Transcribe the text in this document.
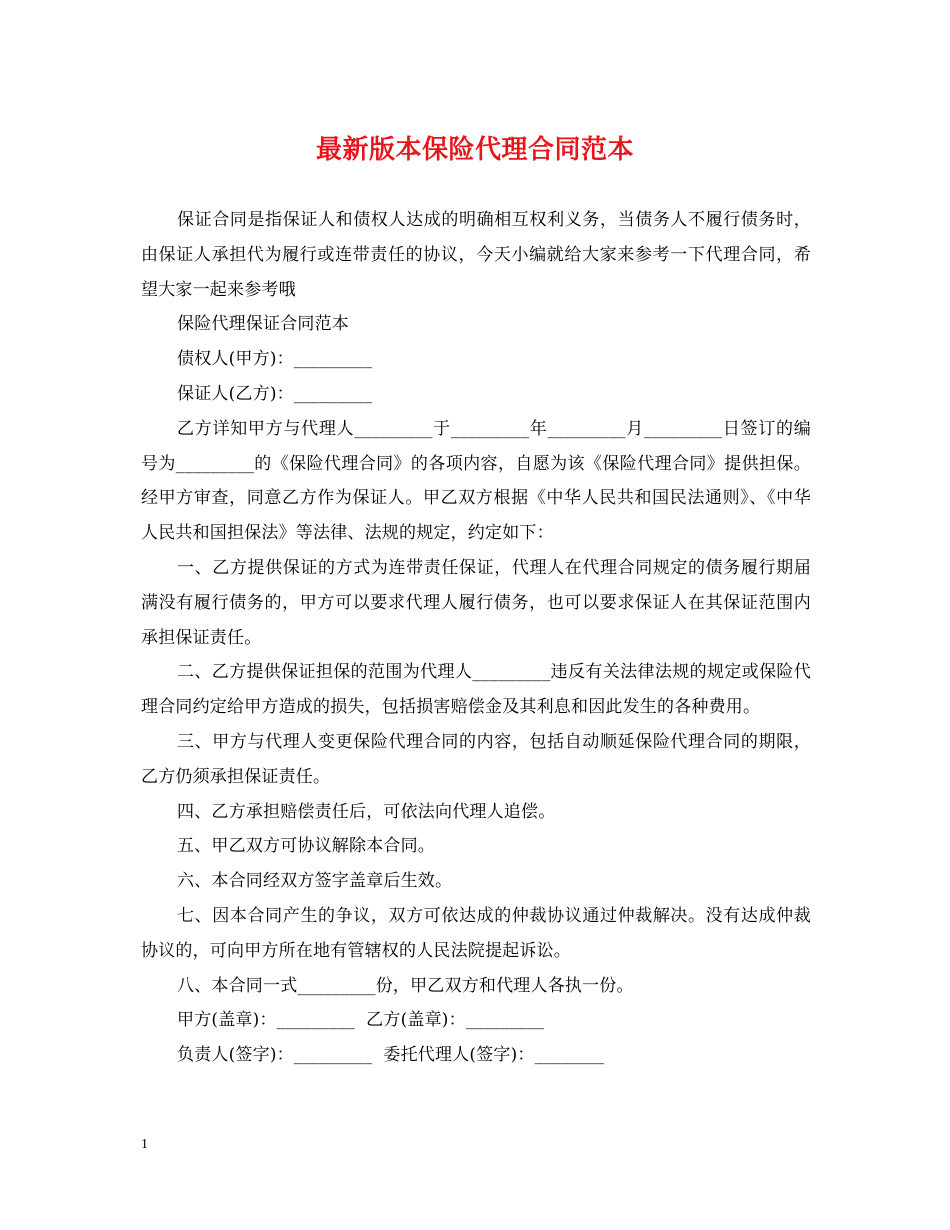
最新版本保险代理合同范本

保证合同是指保证人和债权人达成的明确相互权利义务，当债务人不履行债务时，由保证人承担代为履行或连带责任的协议，今天小编就给大家来参考一下代理合同，希望大家一起来参考哦

保险代理保证合同范本

债权人(甲方)：_________

保证人(乙方)：_________

乙方详知甲方与代理人_________于_________年_________月_________日签订的编号为_________的《保险代理合同》的各项内容，自愿为该《保险代理合同》提供担保。经甲方审查，同意乙方作为保证人。甲乙双方根据《中华人民共和国民法通则》、《中华人民共和国担保法》等法律、法规的规定，约定如下：

一、乙方提供保证的方式为连带责任保证，代理人在代理合同规定的债务履行期届满没有履行债务的，甲方可以要求代理人履行债务，也可以要求保证人在其保证范围内承担保证责任。

二、乙方提供保证担保的范围为代理人_________违反有关法律法规的规定或保险代理合同约定给甲方造成的损失，包括损害赔偿金及其利息和因此发生的各种费用。

三、甲方与代理人变更保险代理合同的内容，包括自动顺延保险代理合同的期限，乙方仍须承担保证责任。

四、乙方承担赔偿责任后，可依法向代理人追偿。

五、甲乙双方可协议解除本合同。

六、本合同经双方签字盖章后生效。

七、因本合同产生的争议，双方可依达成的仲裁协议通过仲裁解决。没有达成仲裁协议的，可向甲方所在地有管辖权的人民法院提起诉讼。

八、本合同一式_________份，甲乙双方和代理人各执一份。

甲方(盖章)：_________  乙方(盖章)：_________

负责人(签字)：_________  委托代理人(签字)：________

1
